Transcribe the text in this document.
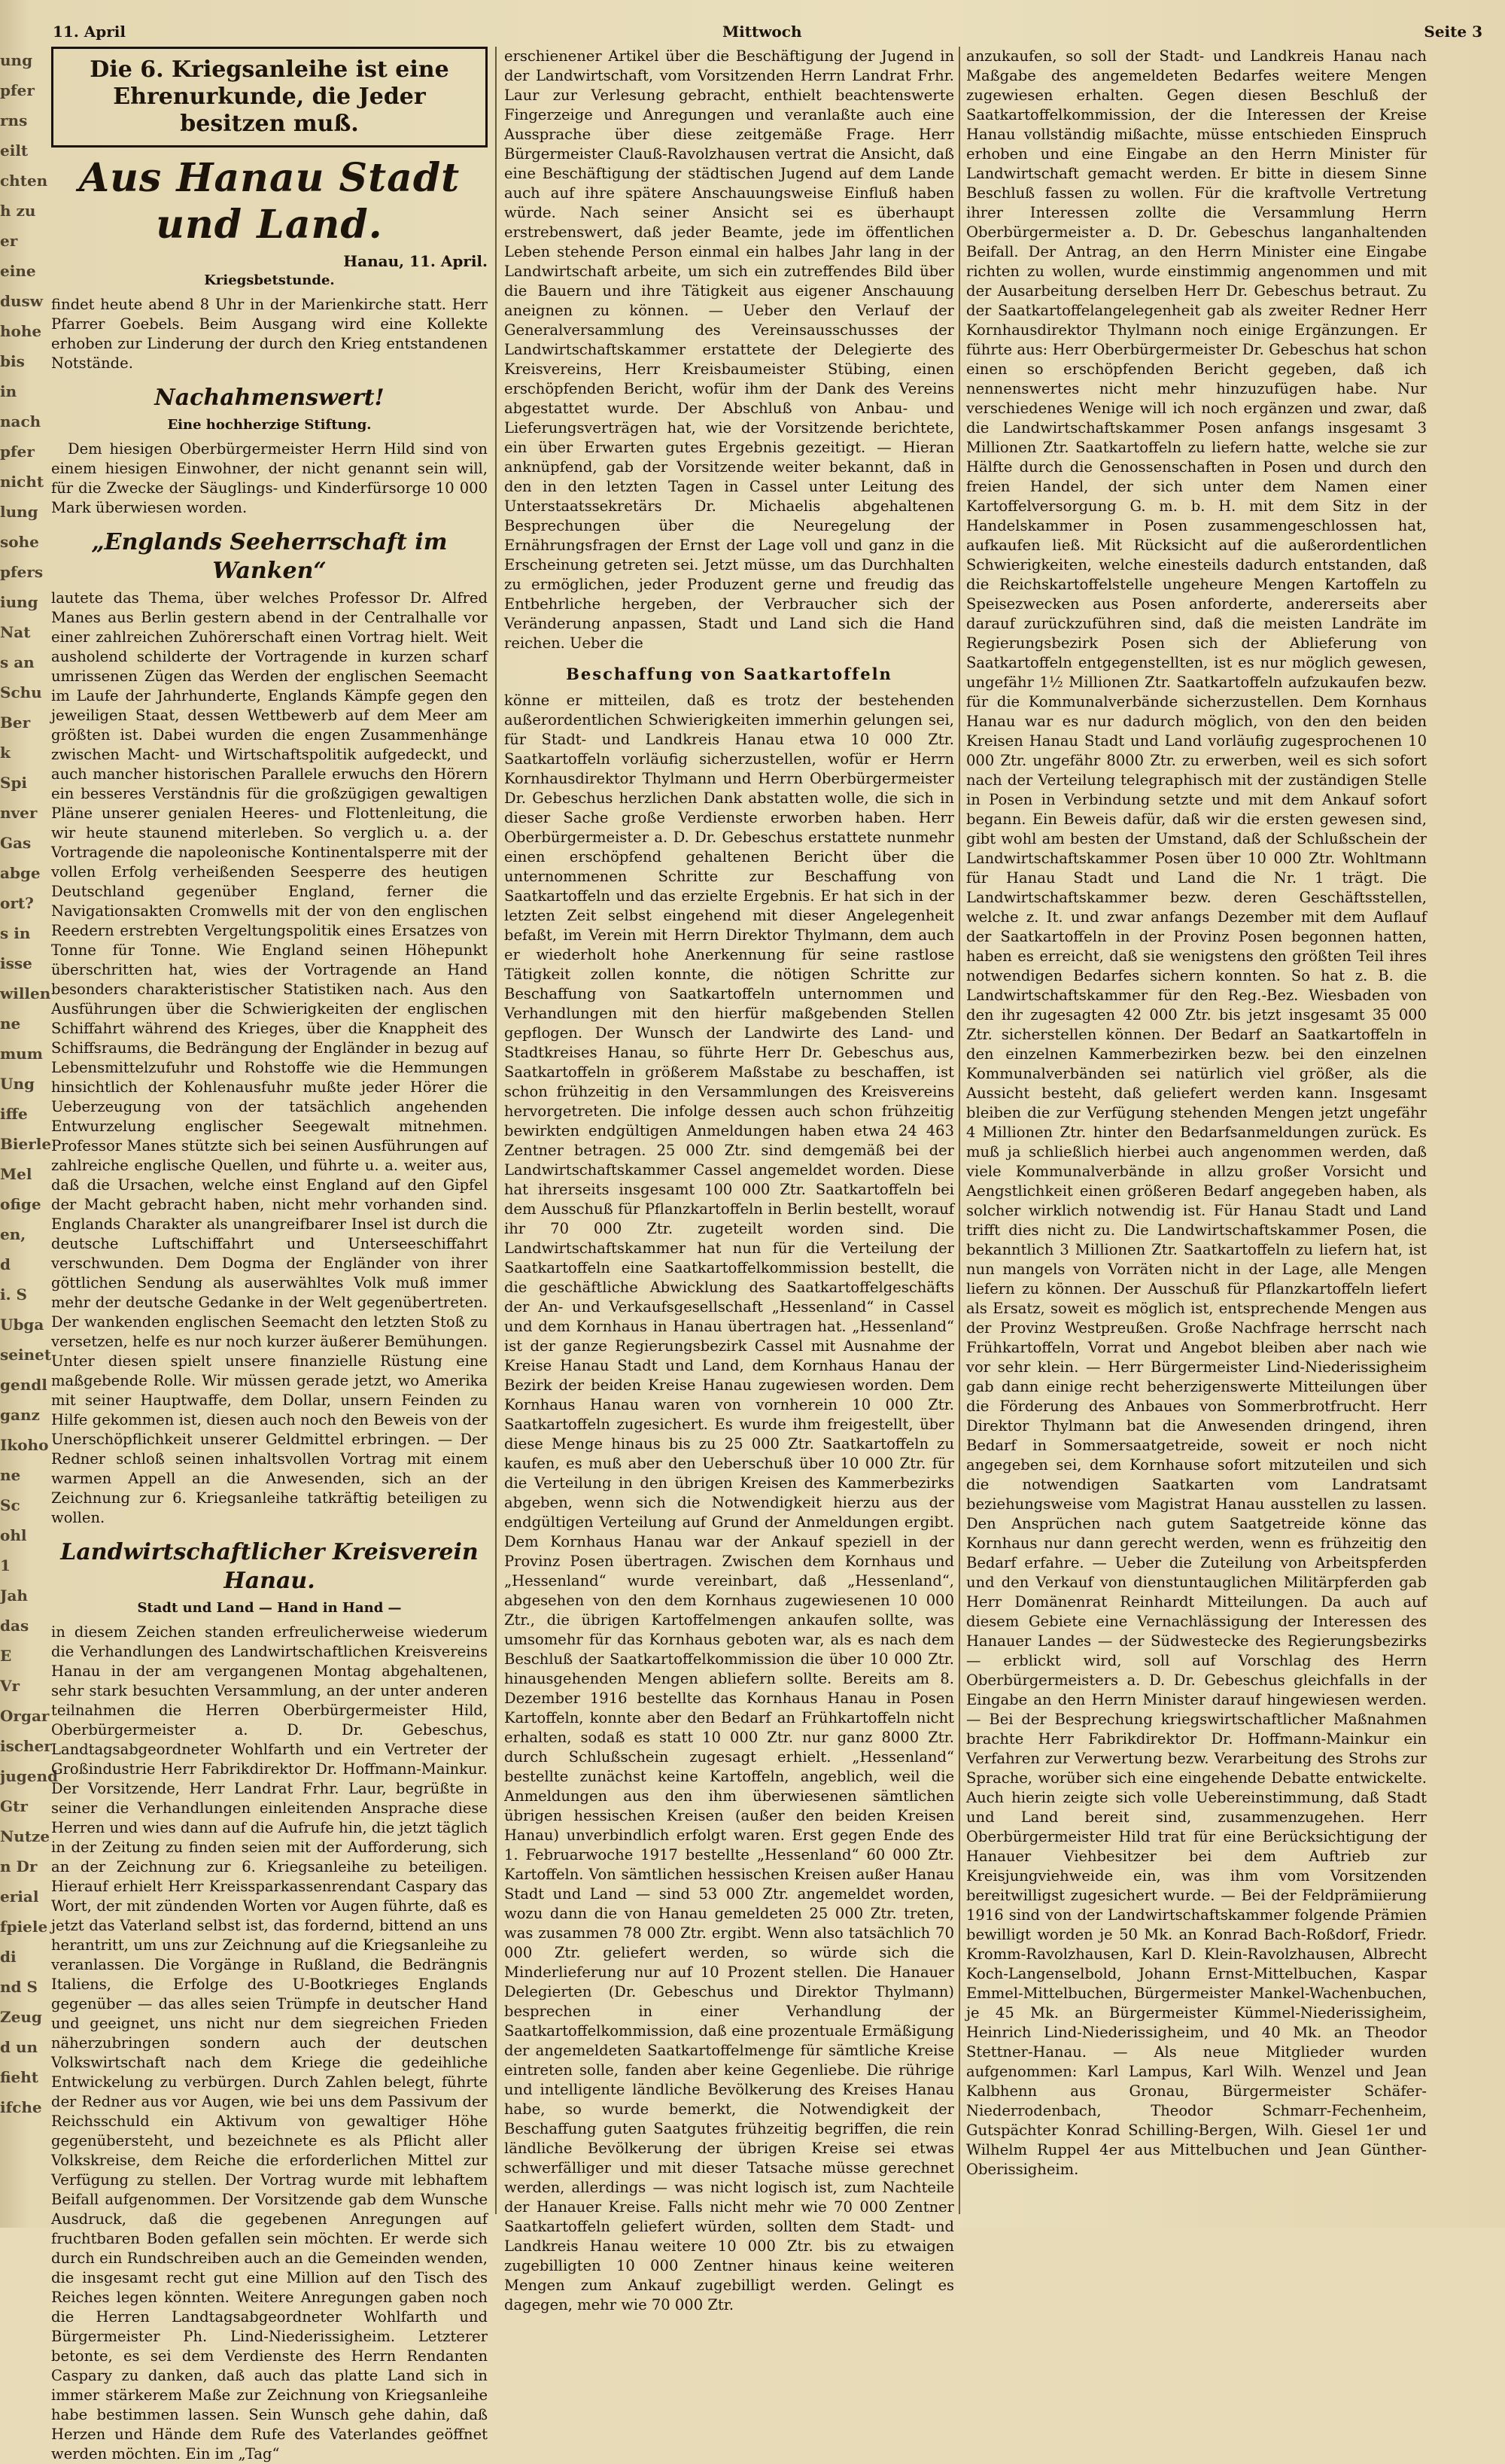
11. April	Mittwoch	Seite 3
ung
pfer
rns
eilt
chten
h zu
er
eine
dusw
hohe
bis
in
nach
pfer
nicht
lung
sohe
pfers
iung
Nat
s an
Schu
Ber
k
Spi
nver
Gas
abge
ort?
s in
isse
willen
ne
mum
Ung
iffe
Bierle
Mel
ofige
en, d
i. S
Ubga
seinet
gendl
ganz
Ikoho
ne Sc
ohl
1 Jah
das E
Vr
Orgar
ischer
jugend
Gtr
Nutze
n Dr
erial
fpiele
di
nd S
Zeug
d un
fieht
ifche
Die 6. Kriegsanleihe ist eine Ehrenurkunde, die Jeder besitzen muß.
Aus Hanau Stadt und Land.
Hanau, 11. April.
Kriegsbetstunde.

findet heute abend 8 Uhr in der Marienkirche statt. Herr Pfarrer Goebels. Beim Ausgang wird eine Kollekte erhoben zur Linderung der durch den Krieg entstandenen Notstände.

Nachahmenswert!
Eine hochherzige Stiftung.

Dem hiesigen Oberbürgermeister Herrn Hild sind von einem hiesigen Einwohner, der nicht genannt sein will, für die Zwecke der Säuglings- und Kinderfürsorge 10 000 Mark überwiesen worden.

„Englands Seeherrschaft im Wanken“

lautete das Thema, über welches Professor Dr. Alfred Manes aus Berlin gestern abend in der Centralhalle vor einer zahlreichen Zuhörerschaft einen Vortrag hielt. Weit ausholend schilderte der Vortragende in kurzen scharf umrissenen Zügen das Werden der englischen Seemacht im Laufe der Jahrhunderte, Englands Kämpfe gegen den jeweiligen Staat, dessen Wettbewerb auf dem Meer am größten ist. Dabei wurden die engen Zusammenhänge zwischen Macht- und Wirtschaftspolitik aufgedeckt, und auch mancher historischen Parallele erwuchs den Hörern ein besseres Verständnis für die großzügigen gewaltigen Pläne unserer genialen Heeres- und Flottenleitung, die wir heute staunend miterleben. So verglich u. a. der Vortragende die napoleonische Kontinentalsperre mit der vollen Erfolg verheißenden Seesperre des heutigen Deutschland gegenüber England, ferner die Navigationsakten Cromwells mit der von den englischen Reedern erstrebten Vergeltungspolitik eines Ersatzes von Tonne für Tonne. Wie England seinen Höhepunkt überschritten hat, wies der Vortragende an Hand besonders charakteristischer Statistiken nach. Aus den Ausführungen über die Schwierigkeiten der englischen Schiffahrt während des Krieges, über die Knappheit des Schiffsraums, die Bedrängung der Engländer in bezug auf Lebensmittelzufuhr und Rohstoffe wie die Hemmungen hinsichtlich der Kohlenausfuhr mußte jeder Hörer die Ueberzeugung von der tatsächlich angehenden Entwurzelung englischer Seegewalt mitnehmen. Professor Manes stützte sich bei seinen Ausführungen auf zahlreiche englische Quellen, und führte u. a. weiter aus, daß die Ursachen, welche einst England auf den Gipfel der Macht gebracht haben, nicht mehr vorhanden sind. Englands Charakter als unangreifbarer Insel ist durch die deutsche Luftschiffahrt und Unterseeschiffahrt verschwunden. Dem Dogma der Engländer von ihrer göttlichen Sendung als auserwähltes Volk muß immer mehr der deutsche Gedanke in der Welt gegenübertreten. Der wankenden englischen Seemacht den letzten Stoß zu versetzen, helfe es nur noch kurzer äußerer Bemühungen. Unter diesen spielt unsere finanzielle Rüstung eine maßgebende Rolle. Wir müssen gerade jetzt, wo Amerika mit seiner Hauptwaffe, dem Dollar, unsern Feinden zu Hilfe gekommen ist, diesen auch noch den Beweis von der Unerschöpflichkeit unserer Geldmittel erbringen. — Der Redner schloß seinen inhaltsvollen Vortrag mit einem warmen Appell an die Anwesenden, sich an der Zeichnung zur 6. Kriegsanleihe tatkräftig beteiligen zu wollen.

Landwirtschaftlicher Kreisverein Hanau.
Stadt und Land — Hand in Hand —

in diesem Zeichen standen erfreulicherweise wiederum die Verhandlungen des Landwirtschaftlichen Kreisvereins Hanau in der am vergangenen Montag abgehaltenen, sehr stark besuchten Versammlung, an der unter anderen teilnahmen die Herren Oberbürgermeister Hild, Oberbürgermeister a. D. Dr. Gebeschus, Landtagsabgeordneter Wohlfarth und ein Vertreter der Großindustrie Herr Fabrikdirektor Dr. Hoffmann-Mainkur. Der Vorsitzende, Herr Landrat Frhr. Laur, begrüßte in seiner die Verhandlungen einleitenden Ansprache diese Herren und wies dann auf die Aufrufe hin, die jetzt täglich in der Zeitung zu finden seien mit der Aufforderung, sich an der Zeichnung zur 6. Kriegsanleihe zu beteiligen. Hierauf erhielt Herr Kreissparkassenrendant Caspary das Wort, der mit zündenden Worten vor Augen führte, daß es jetzt das Vaterland selbst ist, das fordernd, bittend an uns herantritt, um uns zur Zeichnung auf die Kriegsanleihe zu veranlassen. Die Vorgänge in Rußland, die Bedrängnis Italiens, die Erfolge des U-Bootkrieges Englands gegenüber — das alles seien Trümpfe in deutscher Hand und geeignet, uns nicht nur dem siegreichen Frieden näherzubringen sondern auch der deutschen Volkswirtschaft nach dem Kriege die gedeihliche Entwickelung zu verbürgen. Durch Zahlen belegt, führte der Redner aus vor Augen, wie bei uns dem Passivum der Reichsschuld ein Aktivum von gewaltiger Höhe gegenübersteht, und bezeichnete es als Pflicht aller Volkskreise, dem Reiche die erforderlichen Mittel zur Verfügung zu stellen. Der Vortrag wurde mit lebhaftem Beifall aufgenommen. Der Vorsitzende gab dem Wunsche Ausdruck, daß die gegebenen Anregungen auf fruchtbaren Boden gefallen sein möchten. Er werde sich durch ein Rundschreiben auch an die Gemeinden wenden, die insgesamt recht gut eine Million auf den Tisch des Reiches legen könnten. Weitere Anregungen gaben noch die Herren Landtagsabgeordneter Wohlfarth und Bürgermeister Ph. Lind-Niederissigheim. Letzterer betonte, es sei dem Verdienste des Herrn Rendanten Caspary zu danken, daß auch das platte Land sich in immer stärkerem Maße zur Zeichnung von Kriegsanleihe habe bestimmen lassen. Sein Wunsch gehe dahin, daß Herzen und Hände dem Rufe des Vaterlandes geöffnet werden möchten. Ein im „Tag“

erschienener Artikel über die Beschäftigung der Jugend in der Landwirtschaft, vom Vorsitzenden Herrn Landrat Frhr. Laur zur Verlesung gebracht, enthielt beachtenswerte Fingerzeige und Anregungen und veranlaßte auch eine Aussprache über diese zeitgemäße Frage. Herr Bürgermeister Clauß-Ravolzhausen vertrat die Ansicht, daß eine Beschäftigung der städtischen Jugend auf dem Lande auch auf ihre spätere Anschauungsweise Einfluß haben würde. Nach seiner Ansicht sei es überhaupt erstrebenswert, daß jeder Beamte, jede im öffentlichen Leben stehende Person einmal ein halbes Jahr lang in der Landwirtschaft arbeite, um sich ein zutreffendes Bild über die Bauern und ihre Tätigkeit aus eigener Anschauung aneignen zu können. — Ueber den Verlauf der Generalversammlung des Vereinsausschusses der Landwirtschaftskammer erstattete der Delegierte des Kreisvereins, Herr Kreisbaumeister Stübing, einen erschöpfenden Bericht, wofür ihm der Dank des Vereins abgestattet wurde. Der Abschluß von Anbau- und Lieferungsverträgen hat, wie der Vorsitzende berichtete, ein über Erwarten gutes Ergebnis gezeitigt. — Hieran anknüpfend, gab der Vorsitzende weiter bekannt, daß in den in den letzten Tagen in Cassel unter Leitung des Unterstaatssekretärs Dr. Michaelis abgehaltenen Besprechungen über die Neuregelung der Ernährungsfragen der Ernst der Lage voll und ganz in die Erscheinung getreten sei. Jetzt müsse, um das Durchhalten zu ermöglichen, jeder Produzent gerne und freudig das Entbehrliche hergeben, der Verbraucher sich der Veränderung anpassen, Stadt und Land sich die Hand reichen. Ueber die

Beschaffung von Saatkartoffeln

könne er mitteilen, daß es trotz der bestehenden außerordentlichen Schwierigkeiten immerhin gelungen sei, für Stadt- und Landkreis Hanau etwa 10 000 Ztr. Saatkartoffeln vorläufig sicherzustellen, wofür er Herrn Kornhausdirektor Thylmann und Herrn Oberbürgermeister Dr. Gebeschus herzlichen Dank abstatten wolle, die sich in dieser Sache große Verdienste erworben haben. Herr Oberbürgermeister a. D. Dr. Gebeschus erstattete nunmehr einen erschöpfend gehaltenen Bericht über die unternommenen Schritte zur Beschaffung von Saatkartoffeln und das erzielte Ergebnis. Er hat sich in der letzten Zeit selbst eingehend mit dieser Angelegenheit befaßt, im Verein mit Herrn Direktor Thylmann, dem auch er wiederholt hohe Anerkennung für seine rastlose Tätigkeit zollen konnte, die nötigen Schritte zur Beschaffung von Saatkartoffeln unternommen und Verhandlungen mit den hierfür maßgebenden Stellen gepflogen. Der Wunsch der Landwirte des Land- und Stadtkreises Hanau, so führte Herr Dr. Gebeschus aus, Saatkartoffeln in größerem Maßstabe zu beschaffen, ist schon frühzeitig in den Versammlungen des Kreisvereins hervorgetreten. Die infolge dessen auch schon frühzeitig bewirkten endgültigen Anmeldungen haben etwa 24 463 Zentner betragen. 25 000 Ztr. sind demgemäß bei der Landwirtschaftskammer Cassel angemeldet worden. Diese hat ihrerseits insgesamt 100 000 Ztr. Saatkartoffeln bei dem Ausschuß für Pflanzkartoffeln in Berlin bestellt, worauf ihr 70 000 Ztr. zugeteilt worden sind. Die Landwirtschaftskammer hat nun für die Verteilung der Saatkartoffeln eine Saatkartoffelkommission bestellt, die die geschäftliche Abwicklung des Saatkartoffelgeschäfts der An- und Verkaufsgesellschaft „Hessenland“ in Cassel und dem Kornhaus in Hanau übertragen hat. „Hessenland“ ist der ganze Regierungsbezirk Cassel mit Ausnahme der Kreise Hanau Stadt und Land, dem Kornhaus Hanau der Bezirk der beiden Kreise Hanau zugewiesen worden. Dem Kornhaus Hanau waren von vornherein 10 000 Ztr. Saatkartoffeln zugesichert. Es wurde ihm freigestellt, über diese Menge hinaus bis zu 25 000 Ztr. Saatkartoffeln zu kaufen, es muß aber den Ueberschuß über 10 000 Ztr. für die Verteilung in den übrigen Kreisen des Kammerbezirks abgeben, wenn sich die Notwendigkeit hierzu aus der endgültigen Verteilung auf Grund der Anmeldungen ergibt. Dem Kornhaus Hanau war der Ankauf speziell in der Provinz Posen übertragen. Zwischen dem Kornhaus und „Hessenland“ wurde vereinbart, daß „Hessenland“, abgesehen von den dem Kornhaus zugewiesenen 10 000 Ztr., die übrigen Kartoffelmengen ankaufen sollte, was umsomehr für das Kornhaus geboten war, als es nach dem Beschluß der Saatkartoffelkommission die über 10 000 Ztr. hinausgehenden Mengen abliefern sollte. Bereits am 8. Dezember 1916 bestellte das Kornhaus Hanau in Posen Kartoffeln, konnte aber den Bedarf an Frühkartoffeln nicht erhalten, sodaß es statt 10 000 Ztr. nur ganz 8000 Ztr. durch Schlußschein zugesagt erhielt. „Hessenland“ bestellte zunächst keine Kartoffeln, angeblich, weil die Anmeldungen aus den ihm überwiesenen sämtlichen übrigen hessischen Kreisen (außer den beiden Kreisen Hanau) unverbindlich erfolgt waren. Erst gegen Ende des 1. Februarwoche 1917 bestellte „Hessenland“ 60 000 Ztr. Kartoffeln. Von sämtlichen hessischen Kreisen außer Hanau Stadt und Land — sind 53 000 Ztr. angemeldet worden, wozu dann die von Hanau gemeldeten 25 000 Ztr. treten, was zusammen 78 000 Ztr. ergibt. Wenn also tatsächlich 70 000 Ztr. geliefert werden, so würde sich die Minderlieferung nur auf 10 Prozent stellen. Die Hanauer Delegierten (Dr. Gebeschus und Direktor Thylmann) besprechen in einer Verhandlung der Saatkartoffelkommission, daß eine prozentuale Ermäßigung der angemeldeten Saatkartoffelmenge für sämtliche Kreise eintreten solle, fanden aber keine Gegenliebe. Die rührige und intelligente ländliche Bevölkerung des Kreises Hanau habe, so wurde bemerkt, die Notwendigkeit der Beschaffung guten Saatgutes frühzeitig begriffen, die rein ländliche Bevölkerung der übrigen Kreise sei etwas schwerfälliger und mit dieser Tatsache müsse gerechnet werden, allerdings — was nicht logisch ist, zum Nachteile der Hanauer Kreise. Falls nicht mehr wie 70 000 Zentner Saatkartoffeln geliefert würden, sollten dem Stadt- und Landkreis Hanau weitere 10 000 Ztr. bis zu etwaigen zugebilligten 10 000 Zentner hinaus keine weiteren Mengen zum Ankauf zugebilligt werden. Gelingt es dagegen, mehr wie 70 000 Ztr.

anzukaufen, so soll der Stadt- und Landkreis Hanau nach Maßgabe des angemeldeten Bedarfes weitere Mengen zugewiesen erhalten. Gegen diesen Beschluß der Saatkartoffelkommission, der die Interessen der Kreise Hanau vollständig mißachte, müsse entschieden Einspruch erhoben und eine Eingabe an den Herrn Minister für Landwirtschaft gemacht werden. Er bitte in diesem Sinne Beschluß fassen zu wollen. Für die kraftvolle Vertretung ihrer Interessen zollte die Versammlung Herrn Oberbürgermeister a. D. Dr. Gebeschus langanhaltenden Beifall. Der Antrag, an den Herrn Minister eine Eingabe richten zu wollen, wurde einstimmig angenommen und mit der Ausarbeitung derselben Herr Dr. Gebeschus betraut. Zu der Saatkartoffelangelegenheit gab als zweiter Redner Herr Kornhausdirektor Thylmann noch einige Ergänzungen. Er führte aus: Herr Oberbürgermeister Dr. Gebeschus hat schon einen so erschöpfenden Bericht gegeben, daß ich nennenswertes nicht mehr hinzuzufügen habe. Nur verschiedenes Wenige will ich noch ergänzen und zwar, daß die Landwirtschaftskammer Posen anfangs insgesamt 3 Millionen Ztr. Saatkartoffeln zu liefern hatte, welche sie zur Hälfte durch die Genossenschaften in Posen und durch den freien Handel, der sich unter dem Namen einer Kartoffelversorgung G. m. b. H. mit dem Sitz in der Handelskammer in Posen zusammengeschlossen hat, aufkaufen ließ. Mit Rücksicht auf die außerordentlichen Schwierigkeiten, welche einesteils dadurch entstanden, daß die Reichskartoffelstelle ungeheure Mengen Kartoffeln zu Speisezwecken aus Posen anforderte, andererseits aber darauf zurückzuführen sind, daß die meisten Landräte im Regierungsbezirk Posen sich der Ablieferung von Saatkartoffeln entgegenstellten, ist es nur möglich gewesen, ungefähr 1½ Millionen Ztr. Saatkartoffeln aufzukaufen bezw. für die Kommunalverbände sicherzustellen. Dem Kornhaus Hanau war es nur dadurch möglich, von den den beiden Kreisen Hanau Stadt und Land vorläufig zugesprochenen 10 000 Ztr. ungefähr 8000 Ztr. zu erwerben, weil es sich sofort nach der Verteilung telegraphisch mit der zuständigen Stelle in Posen in Verbindung setzte und mit dem Ankauf sofort begann. Ein Beweis dafür, daß wir die ersten gewesen sind, gibt wohl am besten der Umstand, daß der Schlußschein der Landwirtschaftskammer Posen über 10 000 Ztr. Wohltmann für Hanau Stadt und Land die Nr. 1 trägt. Die Landwirtschaftskammer bezw. deren Geschäftsstellen, welche z. It. und zwar anfangs Dezember mit dem Auflauf der Saatkartoffeln in der Provinz Posen begonnen hatten, haben es erreicht, daß sie wenigstens den größten Teil ihres notwendigen Bedarfes sichern konnten. So hat z. B. die Landwirtschaftskammer für den Reg.-Bez. Wiesbaden von den ihr zugesagten 42 000 Ztr. bis jetzt insgesamt 35 000 Ztr. sicherstellen können. Der Bedarf an Saatkartoffeln in den einzelnen Kammerbezirken bezw. bei den einzelnen Kommunalverbänden sei natürlich viel größer, als die Aussicht besteht, daß geliefert werden kann. Insgesamt bleiben die zur Verfügung stehenden Mengen jetzt ungefähr 4 Millionen Ztr. hinter den Bedarfsanmeldungen zurück. Es muß ja schließlich hierbei auch angenommen werden, daß viele Kommunalverbände in allzu großer Vorsicht und Aengstlichkeit einen größeren Bedarf angegeben haben, als solcher wirklich notwendig ist. Für Hanau Stadt und Land trifft dies nicht zu. Die Landwirtschaftskammer Posen, die bekanntlich 3 Millionen Ztr. Saatkartoffeln zu liefern hat, ist nun mangels von Vorräten nicht in der Lage, alle Mengen liefern zu können. Der Ausschuß für Pflanzkartoffeln liefert als Ersatz, soweit es möglich ist, entsprechende Mengen aus der Provinz Westpreußen. Große Nachfrage herrscht nach Frühkartoffeln, Vorrat und Angebot bleiben aber nach wie vor sehr klein. — Herr Bürgermeister Lind-Niederissigheim gab dann einige recht beherzigenswerte Mitteilungen über die Förderung des Anbaues von Sommerbrotfrucht. Herr Direktor Thylmann bat die Anwesenden dringend, ihren Bedarf in Sommersaatgetreide, soweit er noch nicht angegeben sei, dem Kornhause sofort mitzuteilen und sich die notwendigen Saatkarten vom Landratsamt beziehungsweise vom Magistrat Hanau ausstellen zu lassen. Den Ansprüchen nach gutem Saatgetreide könne das Kornhaus nur dann gerecht werden, wenn es frühzeitig den Bedarf erfahre. — Ueber die Zuteilung von Arbeitspferden und den Verkauf von dienstuntauglichen Militärpferden gab Herr Domänenrat Reinhardt Mitteilungen. Da auch auf diesem Gebiete eine Vernachlässigung der Interessen des Hanauer Landes — der Südwestecke des Regierungsbezirks — erblickt wird, soll auf Vorschlag des Herrn Oberbürgermeisters a. D. Dr. Gebeschus gleichfalls in der Eingabe an den Herrn Minister darauf hingewiesen werden. — Bei der Besprechung kriegswirtschaftlicher Maßnahmen brachte Herr Fabrikdirektor Dr. Hoffmann-Mainkur ein Verfahren zur Verwertung bezw. Verarbeitung des Strohs zur Sprache, worüber sich eine eingehende Debatte entwickelte. Auch hierin zeigte sich volle Uebereinstimmung, daß Stadt und Land bereit sind, zusammenzugehen. Herr Oberbürgermeister Hild trat für eine Berücksichtigung der Hanauer Viehbesitzer bei dem Auftrieb zur Kreisjungviehweide ein, was ihm vom Vorsitzenden bereitwilligst zugesichert wurde. — Bei der Feldprämiierung 1916 sind von der Landwirtschaftskammer folgende Prämien bewilligt worden je 50 Mk. an Konrad Bach-Roßdorf, Friedr. Kromm-Ravolzhausen, Karl D. Klein-Ravolzhausen, Albrecht Koch-Langenselbold, Johann Ernst-Mittelbuchen, Kaspar Emmel-Mittelbuchen, Bürgermeister Mankel-Wachenbuchen, je 45 Mk. an Bürgermeister Kümmel-Niederissigheim, Heinrich Lind-Niederissigheim, und 40 Mk. an Theodor Stettner-Hanau. — Als neue Mitglieder wurden aufgenommen: Karl Lampus, Karl Wilh. Wenzel und Jean Kalbhenn aus Gronau, Bürgermeister Schäfer-Niederrodenbach, Theodor Schmarr-Fechenheim, Gutspächter Konrad Schilling-Bergen, Wilh. Giesel 1er und Wilhelm Ruppel 4er aus Mittelbuchen und Jean Günther-Oberissigheim.
